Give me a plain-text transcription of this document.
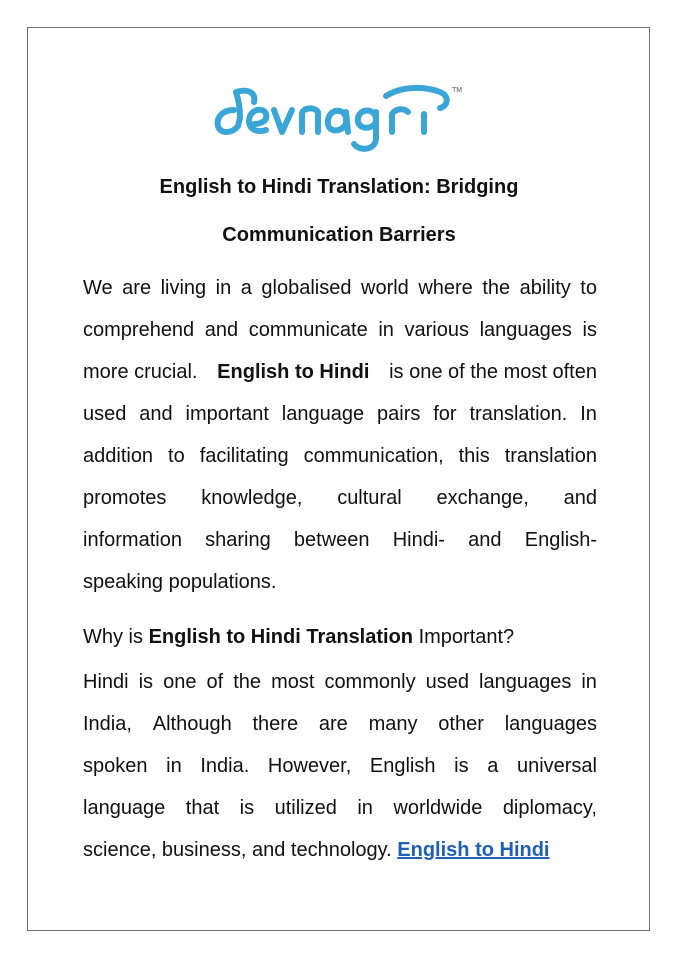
TM
English to Hindi Translation: Bridging
Communication Barriers
We are living in a globalised world where the ability to
comprehend and communicate in various languages is
more crucial. English to Hindi is one of the most often
used and important language pairs for translation. In
addition to facilitating communication, this translation
promotes knowledge, cultural exchange, and
information sharing between Hindi- and English-
speaking populations.
Why is English to Hindi Translation Important?
Hindi is one of the most commonly used languages in
India, Although there are many other languages
spoken in India. However, English is a universal
language that is utilized in worldwide diplomacy,
science, business, and technology. English to Hindi
